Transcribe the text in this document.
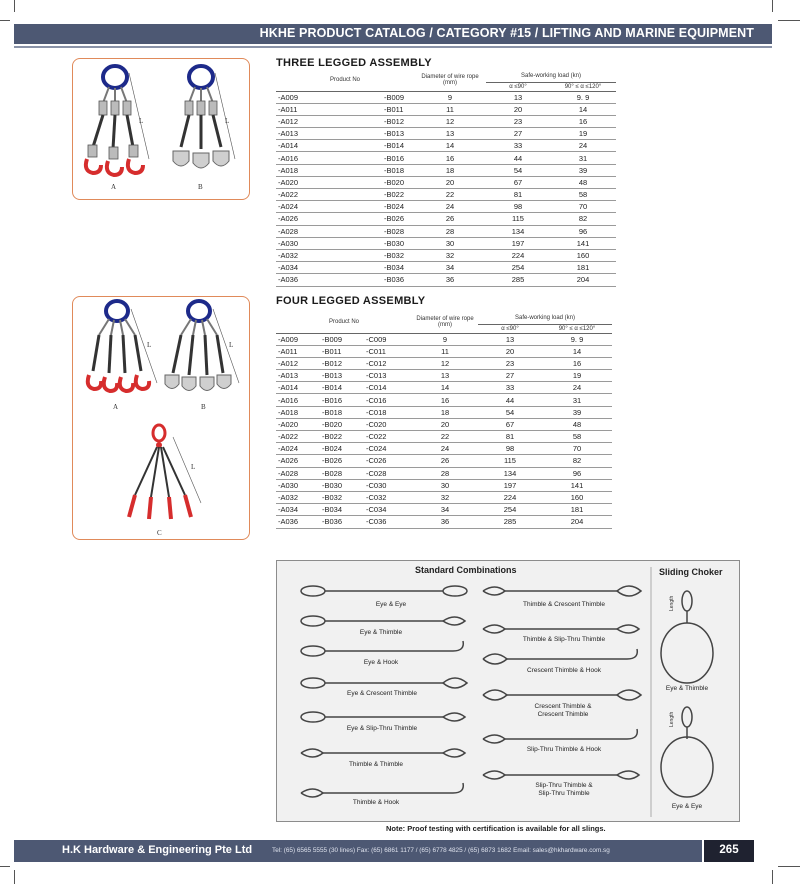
HKHE PRODUCT CATALOG / CATEGORY #15 / LIFTING AND MARINE EQUIPMENT
L
A
L
B
THREE LEGGED ASSEMBLY
Product No		Diameter of wire rope (mm)	Safe-working load (kn)	
			α ≤90°	90° ≤ α ≤120°
-A009	-B009	9	13	9. 9
-A011	-B011	11	20	14
-A012	-B012	12	23	16
-A013	-B013	13	27	19
-A014	-B014	14	33	24
-A016	-B016	16	44	31
-A018	-B018	18	54	39
-A020	-B020	20	67	48
-A022	-B022	22	81	58
-A024	-B024	24	98	70
-A026	-B026	26	115	82
-A028	-B028	28	134	96
-A030	-B030	30	197	141
-A032	-B032	32	224	160
-A034	-B034	34	254	181
-A036	-B036	36	285	204
L
A
L
B
L
C
FOUR LEGGED ASSEMBLY
Product No			Diameter of wire rope (mm)	Safe-working load (kn)	
				α ≤90°	90° ≤ α ≤120°
-A009	-B009	-C009	9	13	9. 9
-A011	-B011	-C011	11	20	14
-A012	-B012	-C012	12	23	16
-A013	-B013	-C013	13	27	19
-A014	-B014	-C014	14	33	24
-A016	-B016	-C016	16	44	31
-A018	-B018	-C018	18	54	39
-A020	-B020	-C020	20	67	48
-A022	-B022	-C022	22	81	58
-A024	-B024	-C024	24	98	70
-A026	-B026	-C026	26	115	82
-A028	-B028	-C028	28	134	96
-A030	-B030	-C030	30	197	141
-A032	-B032	-C032	32	224	160
-A034	-B034	-C034	34	254	181
-A036	-B036	-C036	36	285	204
Length
Length
Standard Combinations	Sliding Choker
Eye & Eye
Eye & Thimble
Eye & Hook
Eye & Crescent Thimble
Eye & Slip-Thru Thimble
Thimble & Thimble
Thimble & Hook
Thimble & Crescent Thimble
Thimble & Slip-Thru Thimble
Crescent Thimble & Hook
Crescent Thimble & Crescent Thimble
Slip-Thru Thimble & Hook
Slip-Thru Thimble & Slip-Thru Thimble
Eye & Thimble
Eye & Eye
Note: Proof testing with certification is available for all slings.
H.K Hardware & Engineering Pte Ltd	Tel: (65) 6565 5555 (30 lines) Fax: (65) 6861 1177 / (65) 6778 4825 / (65) 6873 1682 Email: sales@hkhardware.com.sg	265
